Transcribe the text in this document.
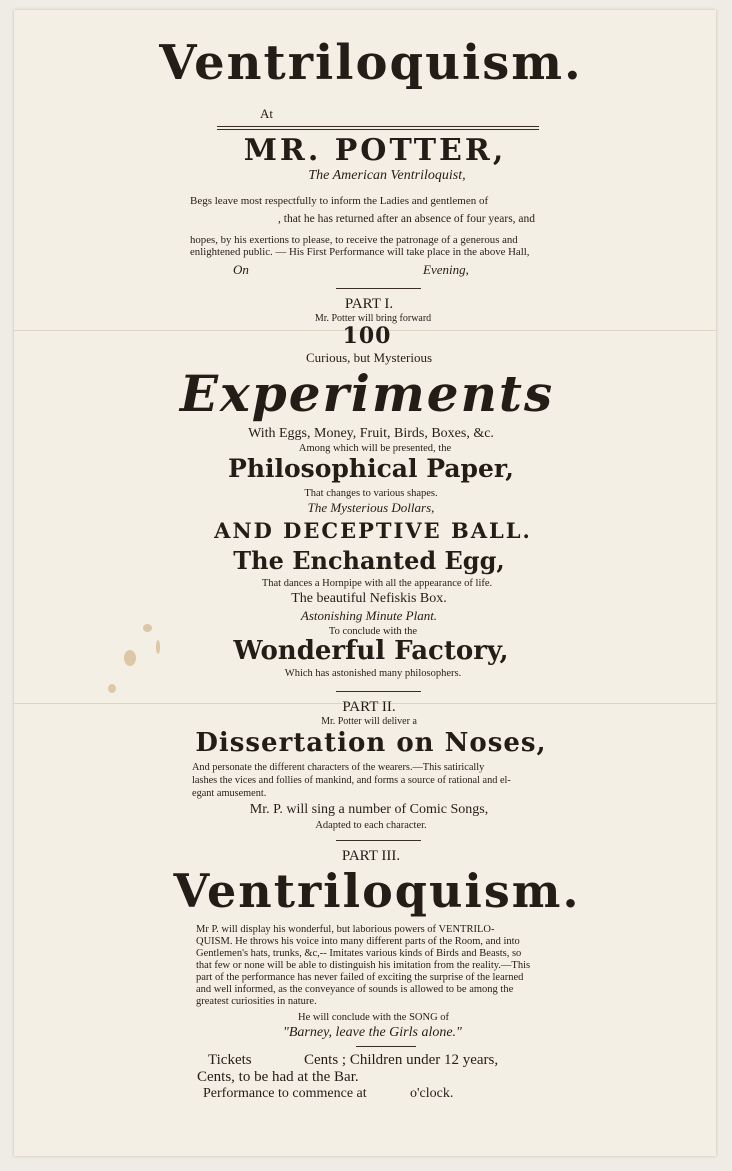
Ventriloquism.
At
MR. POTTER,
The American Ventriloquist,
Begs leave most respectfully to inform the Ladies and gentlemen of
, that he has returned after an absence of four years, and
hopes, by his exertions to please, to receive the patronage of a generous and
enlightened public. — His First Performance will take place in the above Hall,
On	Evening,
PART I.
Mr. Potter will bring forward
100
Curious, but Mysterious
Experiments
With Eggs, Money, Fruit, Birds, Boxes, &c.
Among which will be presented, the
Philosophical Paper,
That changes to various shapes.
The Mysterious Dollars,
AND DECEPTIVE BALL.
The Enchanted Egg,
That dances a Hornpipe with all the appearance of life.
The beautiful Nefiskis Box.
Astonishing Minute Plant.
To conclude with the
Wonderful Factory,
Which has astonished many philosophers.
PART II.
Mr. Potter will deliver a
Dissertation on Noses,
And personate the different characters of the wearers.—This satirically
lashes the vices and follies of mankind, and forms a source of rational and el-
egant amusement.
Mr. P. will sing a number of Comic Songs,
Adapted to each character.
PART III.
Ventriloquism.
Mr P. will display his wonderful, but laborious powers of VENTRILO-
QUISM. He throws his voice into many different parts of the Room, and into
Gentlemen's hats, trunks, &c,-- Imitates various kinds of Birds and Beasts, so
that few or none will be able to distinguish his imitation from the reality.—This
part of the performance has never failed of exciting the surprise of the learned
and well informed, as the conveyance of sounds is allowed to be among the
greatest curiosities in nature.
He will conclude with the SONG of
"Barney, leave the Girls alone."
Tickets	Cents ; Children under 12 years,
Cents, to be had at the Bar.
Performance to commence at	o'clock.
